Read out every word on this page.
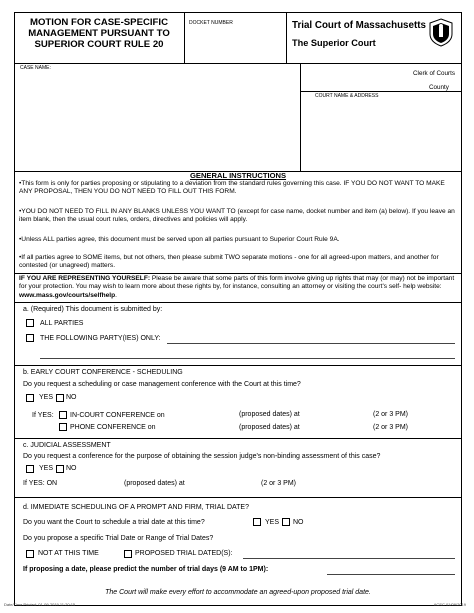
MOTION FOR CASE-SPECIFIC MANAGEMENT PURSUANT TO SUPERIOR COURT RULE 20
DOCKET NUMBER	Trial Court of Massachusetts
The Superior Court
CASE NAME:
Clerk of Courts
County
COURT NAME & ADDRESS
GENERAL INSTRUCTIONS
•This form is only for parties proposing or stipulating to a deviation from the standard rules governing this case. IF YOU DO NOT WANT TO MAKE ANY PROPOSAL, THEN YOU DO NOT NEED TO FILL OUT THIS FORM.
•YOU DO NOT NEED TO FILL IN ANY BLANKS UNLESS YOU WANT TO (except for case name, docket number and item (a) below). If you leave an item blank, then the usual court rules, orders, directives and policies will apply.
•Unless ALL parties agree, this document must be served upon all parties pursuant to Superior Court Rule 9A.
•If all parties agree to SOME items, but not others, then please submit TWO separate motions - one for all agreed-upon matters, and another for contested (or unagreed) matters.
IF YOU ARE REPRESENTING YOURSELF: Please be aware that some parts of this form involve giving up rights that may (or may) not be important for your protection. You may wish to learn more about these rights by, for instance, consulting an attorney or visiting the court's self- help website: www.mass.gov/courts/selfhelp.
a. (Required) This document is submitted by:
ALL PARTIES
THE FOLLOWING PARTY(IES) ONLY:
b. EARLY COURT CONFERENCE - SCHEDULING
Do you request a scheduling or case management conference with the Court at this time?
YES NO
If YES: IN-COURT CONFERENCE on	(proposed dates) at	(2 or 3 PM)
PHONE CONFERENCE on	(proposed dates) at	(2 or 3 PM)
c. JUDICIAL ASSESSMENT
Do you request a conference for the purpose of obtaining the session judge's non-binding assessment of this case?
YES NO
If YES: ON	(proposed dates) at	(2 or 3 PM)
d. IMMEDIATE SCHEDULING OF A PROMPT AND FIRM, TRIAL DATE?
Do you want the Court to schedule a trial date at this time?	YES NO
Do you propose a specific Trial Date or Range of Trial Dates?
NOT AT THIS TIME	PROPOSED TRIAL DATED(S):
If proposing a date, please predict the number of trial days (9 AM to 1PM):
The Court will make every effort to accommodate an agreed-upon proposed trial date.
Date/Time Printed: 01-09-2019 11:20:15	ACSC 01/09/2019
